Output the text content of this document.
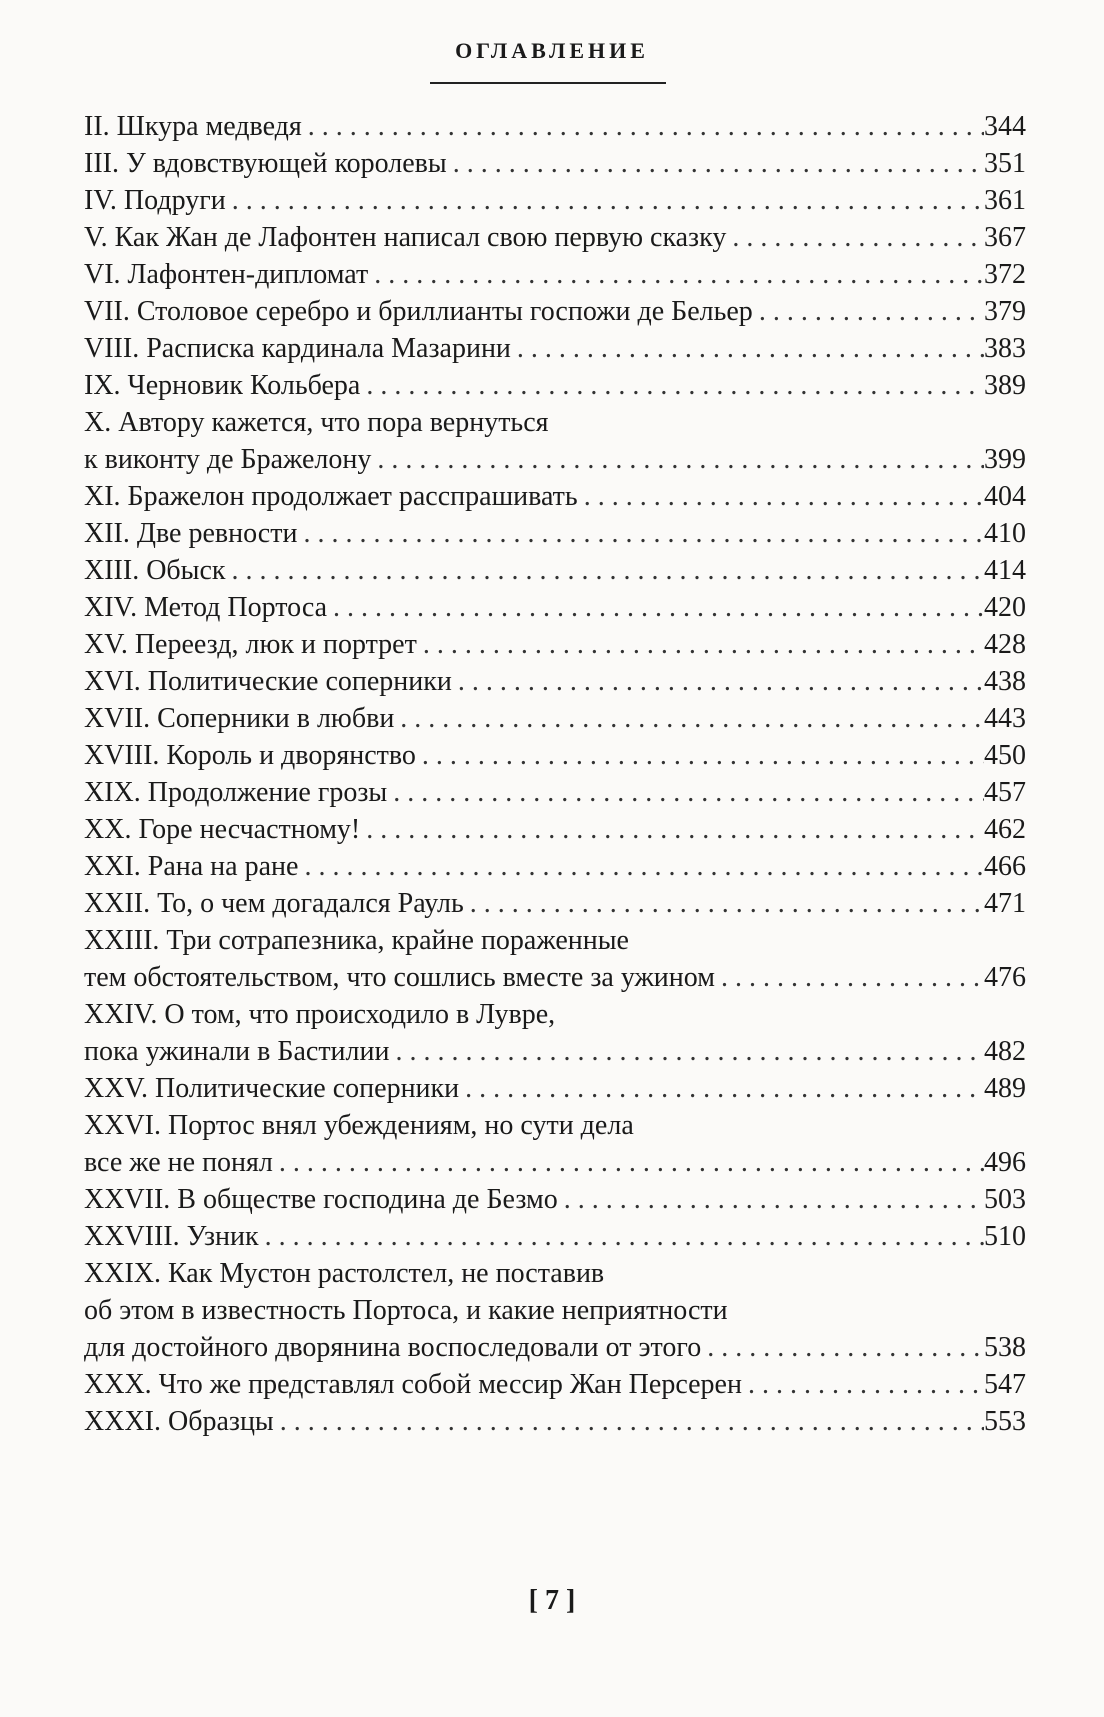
ОГЛАВЛЕНИЕ
II. Шкура медведя . . .	344
III. У вдовствующей королевы . . .	351
IV. Подруги . . .	361
V. Как Жан де Лафонтен написал свою первую сказку . . .	367
VI. Лафонтен-дипломат . . .	372
VII. Столовое серебро и бриллианты госпожи де Бельер . . .	379
VIII. Расписка кардинала Мазарини . . .	383
IX. Черновик Кольбера . . .	389
X. Автору кажется, что пора вернуться
к виконту де Бражелону . . .	399
XI. Бражелон продолжает расспрашивать . . .	404
XII. Две ревности . . .	410
XIII. Обыск . . .	414
XIV. Метод Портоса . . .	420
XV. Переезд, люк и портрет . . .	428
XVI. Политические соперники . . .	438
XVII. Соперники в любви . . .	443
XVIII. Король и дворянство . . .	450
XIX. Продолжение грозы . . .	457
XX. Горе несчастному! . . .	462
XXI. Рана на ране . . .	466
XXII. То, о чем догадался Рауль . . .	471
XXIII. Три сотрапезника, крайне пораженные
тем обстоятельством, что сошлись вместе за ужином . . .	476
XXIV. О том, что происходило в Лувре,
пока ужинали в Бастилии . . .	482
XXV. Политические соперники . . .	489
XXVI. Портос внял убеждениям, но сути дела
все же не понял . . .	496
XXVII. В обществе господина де Безмо . . .	503
XXVIII. Узник . . .	510
XXIX. Как Мустон растолстел, не поставив
об этом в известность Портоса, и какие неприятности
для достойного дворянина воспоследовали от этого . . .	538
XXX. Что же представлял собой мессир Жан Персерен . . .	547
XXXI. Образцы . . .	553
[ 7 ]
